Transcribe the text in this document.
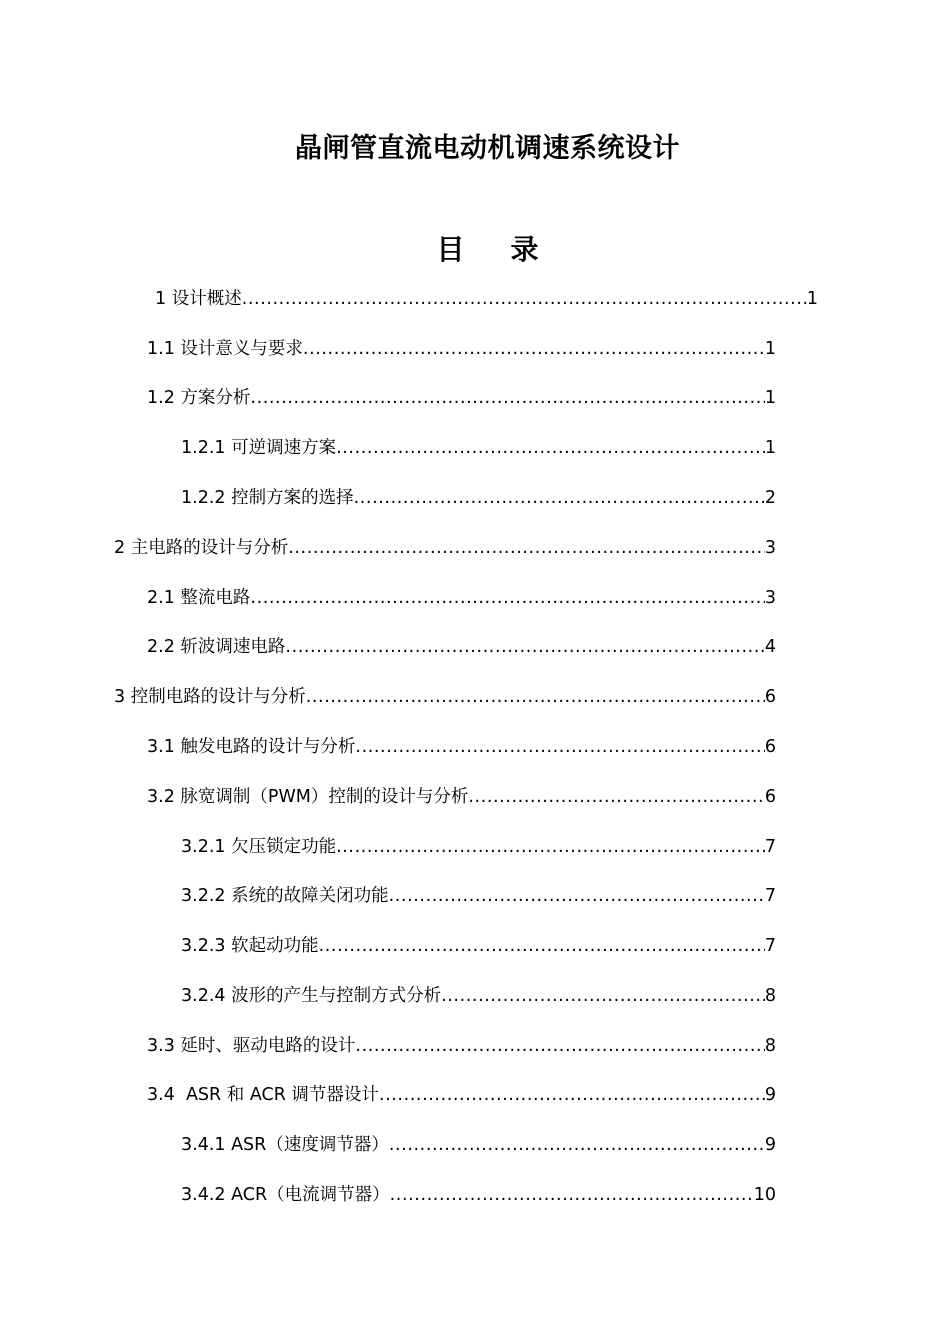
晶闸管直流电动机调速系统设计
目 录
1 设计概述 .....	1
1.1 设计意义与要求 .....	1
1.2 方案分析 .....	1
1.2.1 可逆调速方案 .....	1
1.2.2 控制方案的选择 .....	2
2 主电路的设计与分析 .....	3
2.1 整流电路 .....	3
2.2 斩波调速电路 .....	4
3 控制电路的设计与分析 .....	6
3.1 触发电路的设计与分析 .....	6
3.2 脉宽调制（PWM）控制的设计与分析 .....	6
3.2.1 欠压锁定功能 .....	7
3.2.2 系统的故障关闭功能 .....	7
3.2.3 软起动功能 .....	7
3.2.4 波形的产生与控制方式分析 .....	8
3.3 延时、驱动电路的设计 .....	8
3.4  ASR 和 ACR 调节器设计 .....	9
3.4.1 ASR（速度调节器） .....	9
3.4.2 ACR（电流调节器） .....	10
